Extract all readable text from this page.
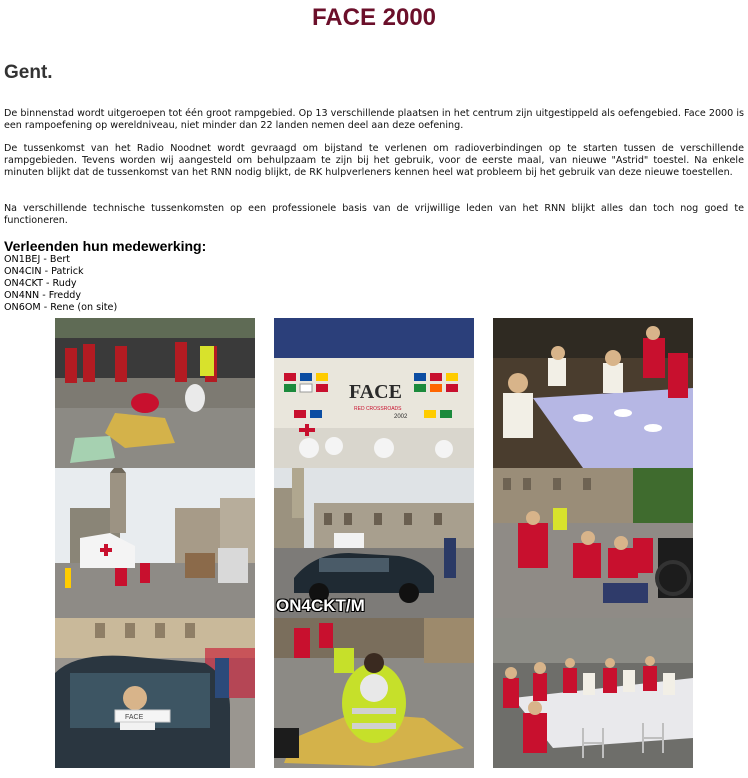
FACE 2000
Gent.

De binnenstad wordt uitgeroepen tot één groot rampgebied. Op 13 verschillende plaatsen in het centrum zijn uitgestippeld als oefengebied. Face 2000 is een rampoefening op wereldniveau, niet minder dan 22 landen nemen deel aan deze oefening.

De tussenkomst van het Radio Noodnet wordt gevraagd om bijstand te verlenen om radioverbindingen op te starten tussen de verschillende rampgebieden. Tevens worden wij aangesteld om behulpzaam te zijn bij het gebruik, voor de eerste maal, van nieuwe "Astrid" toestel. Na enkele minuten blijkt dat de tussenkomst van het RNN nodig blijkt, de RK hulpverleners kennen heel wat probleem bij het gebruik van deze nieuwe toestellen.

Na verschillende technische tussenkomsten op een professionele basis van de vrijwillige leden van het RNN blijkt alles dan toch nog goed te functioneren.

Verleenden hun medewerking:
ON1BEJ - Bert
ON4CIN - Patrick
ON4CKT - Rudy
ON4NN - Freddy
ON6OM - Rene (on site)
FACE
RED CROSSROADS
2002
ON4CKT/M
FACE
